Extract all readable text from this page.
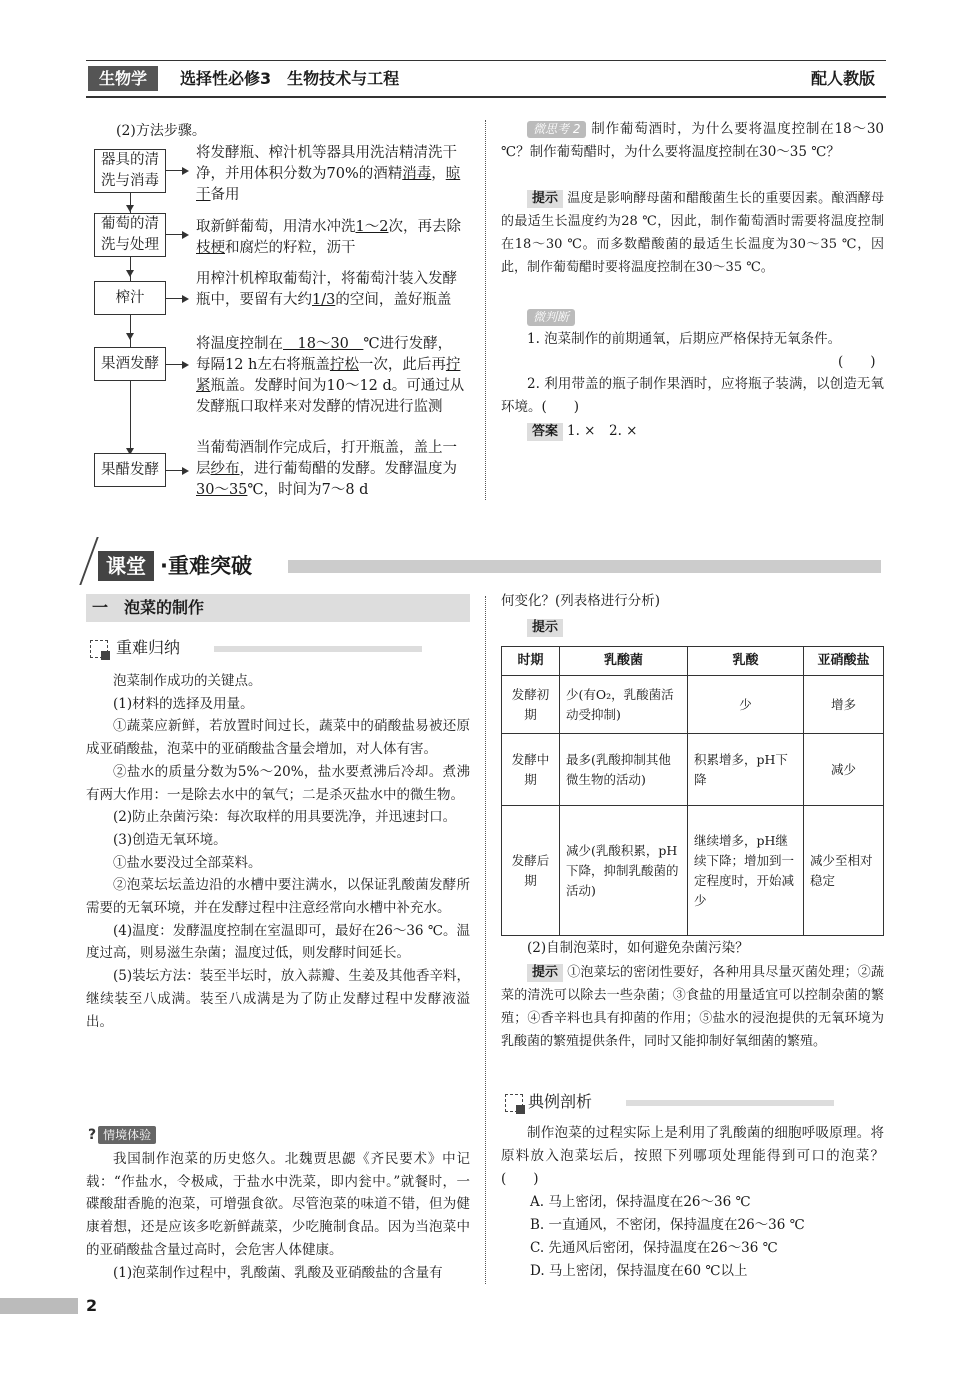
生物学	选择性必修3　生物技术与工程	配人教版
(2)方法步骤。
器具的清洗与消毒
将发酵瓶、榨汁机等器具用洗洁精清洗干净，并用体积分数为70%的酒精消毒，晾干备用
葡萄的清洗与处理
取新鲜葡萄，用清水冲洗1～2次，再去除枝梗和腐烂的籽粒，沥干
榨汁
用榨汁机榨取葡萄汁，将葡萄汁装入发酵瓶中，要留有大约1/3的空间，盖好瓶盖
果酒发酵
将温度控制在　18～30　℃进行发酵，每隔12 h左右将瓶盖拧松一次，此后再拧紧瓶盖。发酵时间为10～12 d。可通过从发酵瓶口取样来对发酵的情况进行监测
果醋发酵
当葡萄酒制作完成后，打开瓶盖，盖上一层纱布，进行葡萄醋的发酵。发酵温度为30～35℃，时间为7～8 d
微思考 2 制作葡萄酒时，为什么要将温度控制在18～30 ℃？制作葡萄醋时，为什么要将温度控制在30～35 ℃？
提示 温度是影响酵母菌和醋酸菌生长的重要因素。酿酒酵母的最适生长温度约为28 ℃，因此，制作葡萄酒时需要将温度控制在18～30 ℃。而多数醋酸菌的最适生长温度为30～35 ℃，因此，制作葡萄醋时要将温度控制在30～35 ℃。
微判断
1. 泡菜制作的前期通氧，后期应严格保持无氧条件。
(　　)
2. 利用带盖的瓶子制作果酒时，应将瓶子装满，以创造无氧环境。(　　)
答案 1. ×　2. ×
课堂 ·重难突破
一　泡菜的制作
重难归纳

泡菜制作成功的关键点。

(1)材料的选择及用量。

①蔬菜应新鲜，若放置时间过长，蔬菜中的硝酸盐易被还原成亚硝酸盐，泡菜中的亚硝酸盐含量会增加，对人体有害。

②盐水的质量分数为5%～20%，盐水要煮沸后冷却。煮沸有两大作用：一是除去水中的氧气；二是杀灭盐水中的微生物。

(2)防止杂菌污染：每次取样的用具要洗净，并迅速封口。

(3)创造无氧环境。

①盐水要没过全部菜料。

②泡菜坛坛盖边沿的水槽中要注满水，以保证乳酸菌发酵所需要的无氧环境，并在发酵过程中注意经常向水槽中补充水。

(4)温度：发酵温度控制在室温即可，最好在26～36 ℃。温度过高，则易滋生杂菌；温度过低，则发酵时间延长。

(5)装坛方法：装至半坛时，放入蒜瓣、生姜及其他香辛料，继续装至八成满。装至八成满是为了防止发酵过程中发酵液溢出。

? 情境体验

我国制作泡菜的历史悠久。北魏贾思勰《齐民要术》中记载：“作盐水，令极咸，于盐水中洗菜，即内瓮中。”就餐时，一碟酸甜香脆的泡菜，可增强食欲。尽管泡菜的味道不错，但为健康着想，还是应该多吃新鲜蔬菜，少吃腌制食品。因为当泡菜中的亚硝酸盐含量过高时，会危害人体健康。

(1)泡菜制作过程中，乳酸菌、乳酸及亚硝酸盐的含量有

何变化？(列表格进行分析)
提示
时期	乳酸菌	乳酸	亚硝酸盐
发酵初期	少(有O₂，乳酸菌活动受抑制)	少	增多
发酵中期	最多(乳酸抑制其他微生物的活动)	积累增多，pH下降	减少
发酵后期	减少(乳酸积累，pH下降，抑制乳酸菌的活动)	继续增多，pH继续下降；增加到一定程度时，开始减少	减少至相对稳定
(2)自制泡菜时，如何避免杂菌污染？
提示 ①泡菜坛的密闭性要好，各种用具尽量灭菌处理；②蔬菜的清洗可以除去一些杂菌；③食盐的用量适宜可以控制杂菌的繁殖；④香辛料也具有抑菌的作用；⑤盐水的浸泡提供的无氧环境为乳酸菌的繁殖提供条件，同时又能抑制好氧细菌的繁殖。
典例剖析
制作泡菜的过程实际上是利用了乳酸菌的细胞呼吸原理。将原料放入泡菜坛后，按照下列哪项处理能得到可口的泡菜？(　　)

A. 马上密闭，保持温度在26～36 ℃

B. 一直通风，不密闭，保持温度在26～36 ℃

C. 先通风后密闭，保持温度在26～36 ℃

D. 马上密闭，保持温度在60 ℃以上

2
